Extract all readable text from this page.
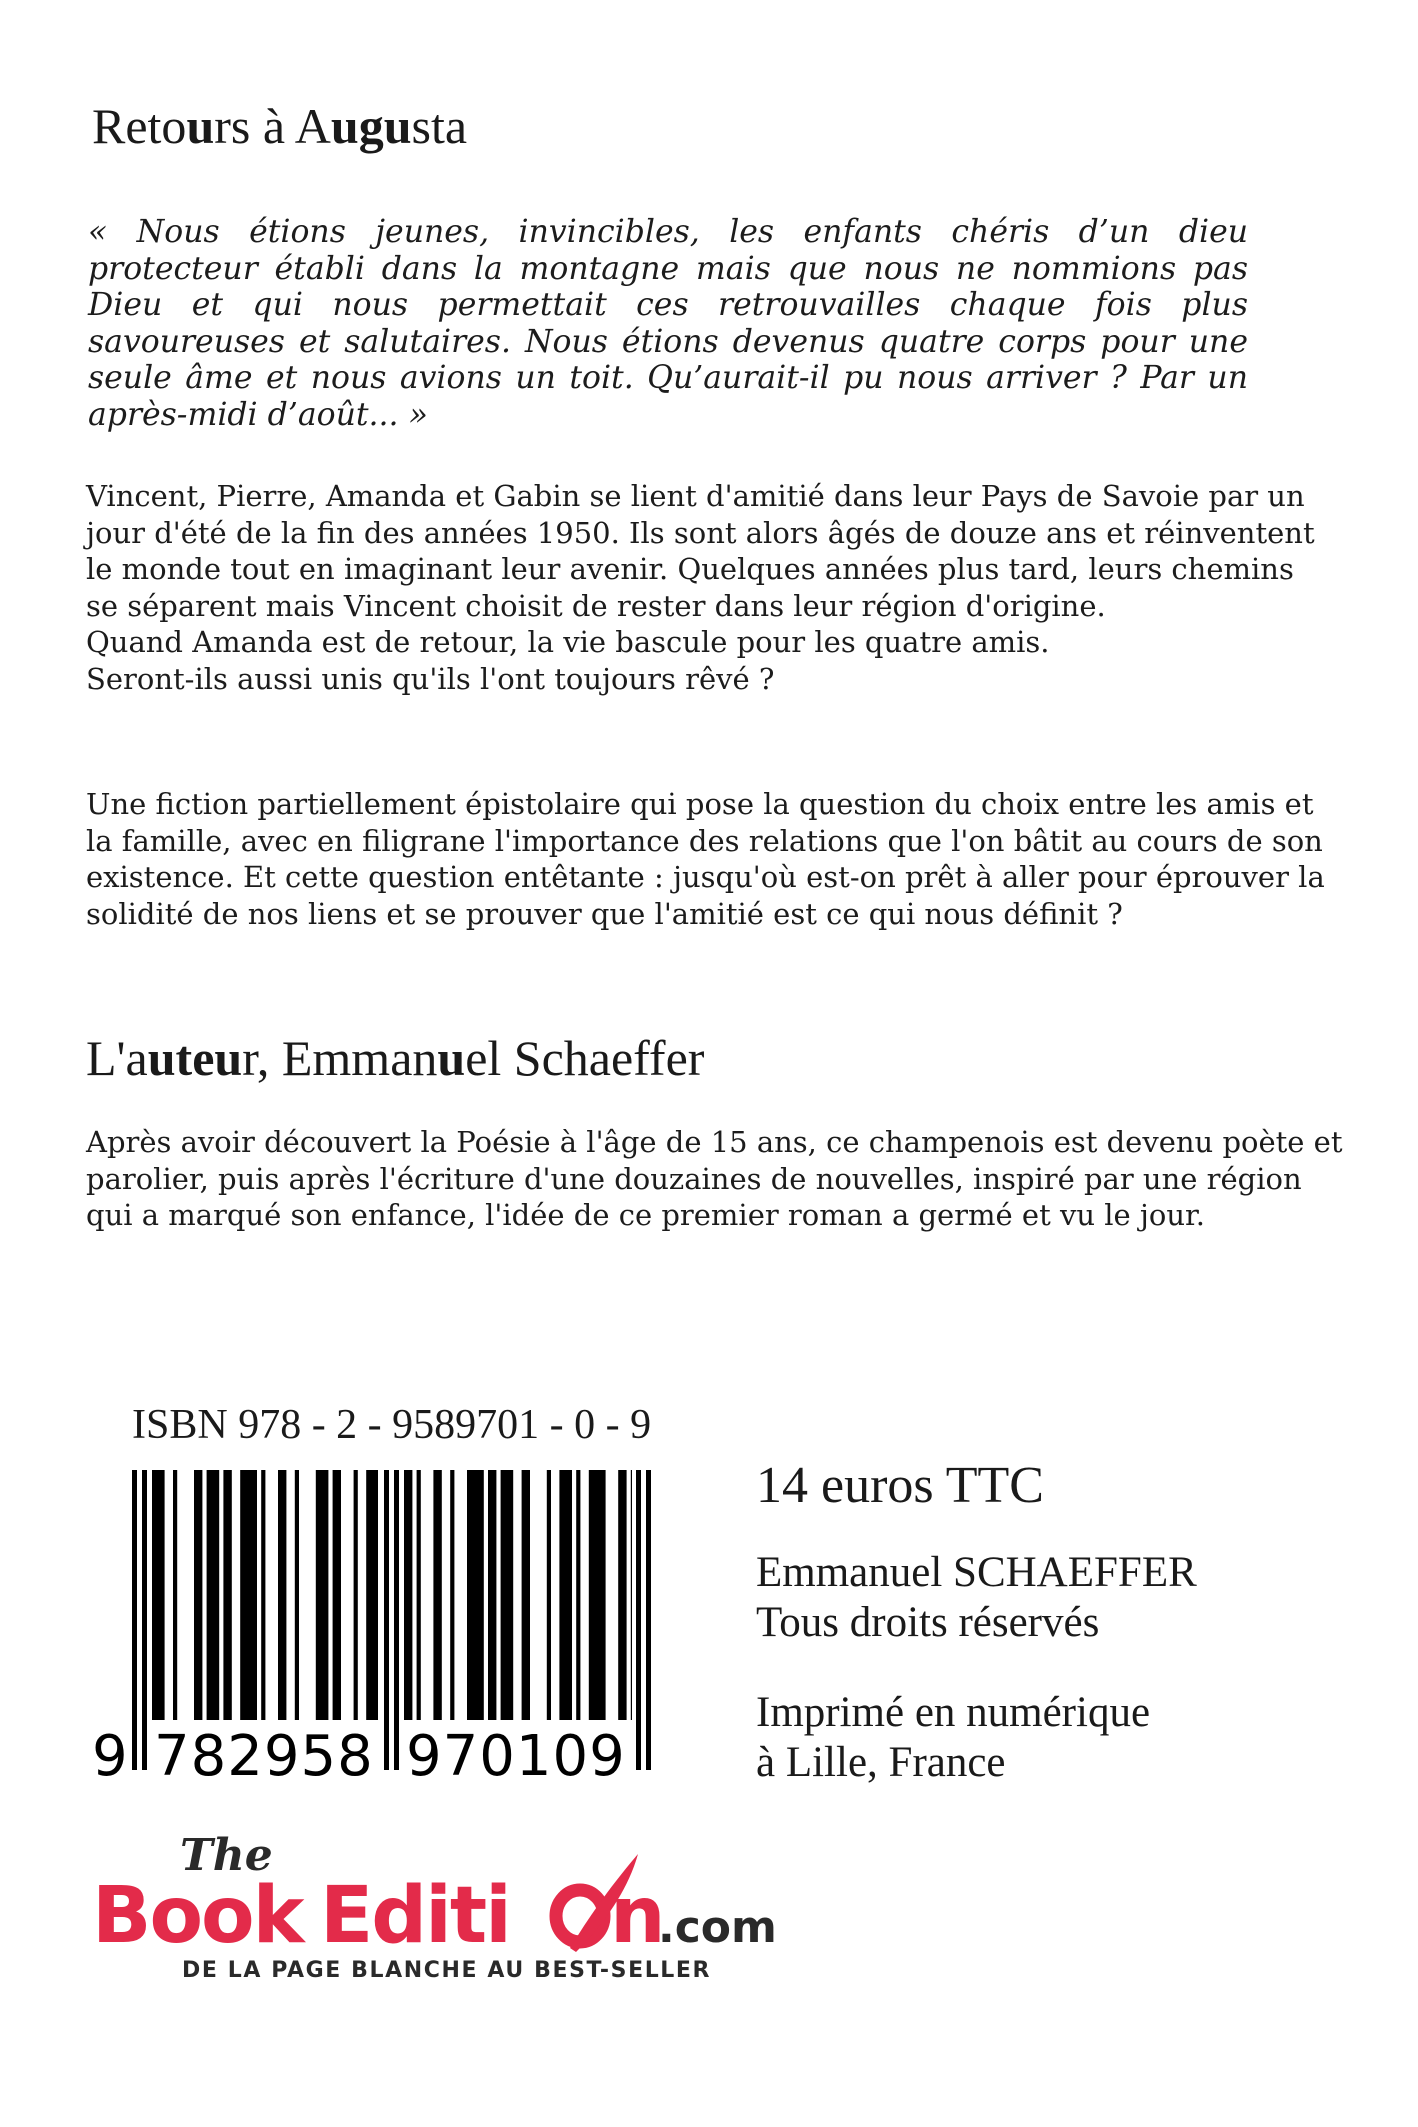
Retours à Augusta
« Nous étions jeunes, invincibles, les enfants chéris d’un dieu protecteur établi dans la montagne mais que nous ne nommions pas Dieu et qui nous permettait ces retrouvailles chaque fois plus savoureuses et salutaires. Nous étions devenus quatre corps pour une seule âme et nous avions un toit. Qu’aurait-il pu nous arriver ? Par un après-midi d’août... »
Vincent, Pierre, Amanda et Gabin se lient d'amitié dans leur Pays de Savoie par un
jour d'été de la fin des années 1950. Ils sont alors âgés de douze ans et réinventent
le monde tout en imaginant leur avenir. Quelques années plus tard, leurs chemins
se séparent mais Vincent choisit de rester dans leur région d'origine.
Quand Amanda est de retour, la vie bascule pour les quatre amis.
Seront-ils aussi unis qu'ils l'ont toujours rêvé ?
Une fiction partiellement épistolaire qui pose la question du choix entre les amis et
la famille, avec en filigrane l'importance des relations que l'on bâtit au cours de son
existence. Et cette question entêtante : jusqu'où est-on prêt à aller pour éprouver la
solidité de nos liens et se prouver que l'amitié est ce qui nous définit ?
L'auteur, Emmanuel Schaeffer
Après avoir découvert la Poésie à l'âge de 15 ans, ce champenois est devenu poète et
parolier, puis après l'écriture d'une douzaines de nouvelles, inspiré par une région
qui a marqué son enfance, l'idée de ce premier roman a germé et vu le jour.
ISBN 978 - 2 - 9589701 - 0 - 9
9 782958 970109
14 euros TTC
Emmanuel SCHAEFFER
Tous droits réservés
Imprimé en numérique
à Lille, France
The
Book Editi n
.com
DE LA PAGE BLANCHE AU BEST-SELLER
